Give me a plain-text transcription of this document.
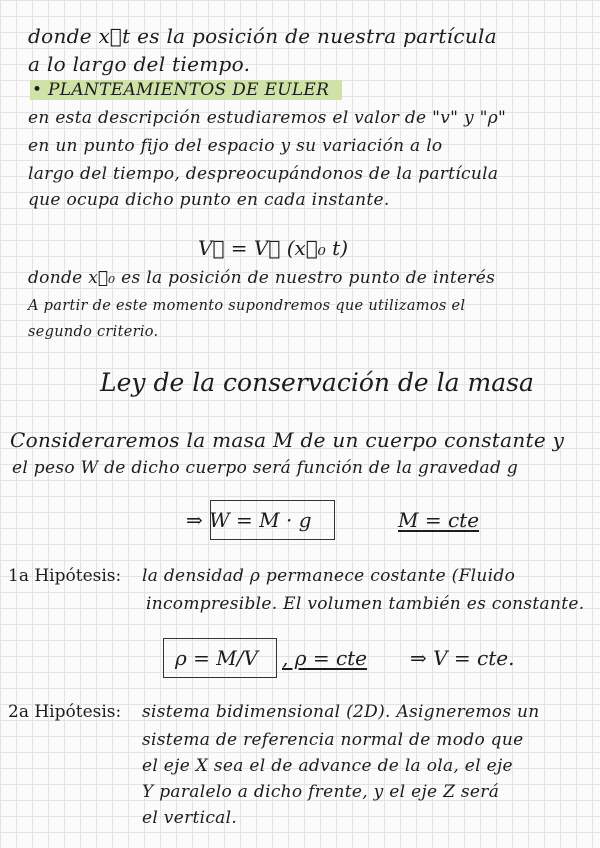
donde x⃗t es la posición de nuestra partícula
a lo largo del tiempo.
• PLANTEAMIENTOS DE EULER
en esta descripción estudiaremos el valor de "v" y "ρ"
en un punto fijo del espacio y su variación a lo
largo del tiempo, despreocupándonos de la partícula
que ocupa dicho punto en cada instante.
V⃗ = V⃗ (x⃗₀ t)
donde x⃗₀ es la posición de nuestro punto de interés
A partir de este momento supondremos que utilizamos el
segundo criterio.
Ley de la conservación de la masa
Consideraremos la masa M de un cuerpo constante y
el peso W de dicho cuerpo será función de la gravedad g
⇒ W = M · g	M = cte
1a Hipótesis: la densidad ρ permanece costante (Fluido
incompresible. El volumen también es constante.
ρ = M/V , ρ = cte ⇒ V = cte.
2a Hipótesis: sistema bidimensional (2D). Asigneremos un
sistema de referencia normal de modo que
el eje X sea el de advance de la ola, el eje
Y paralelo a dicho frente, y el eje Z será
el vertical.
